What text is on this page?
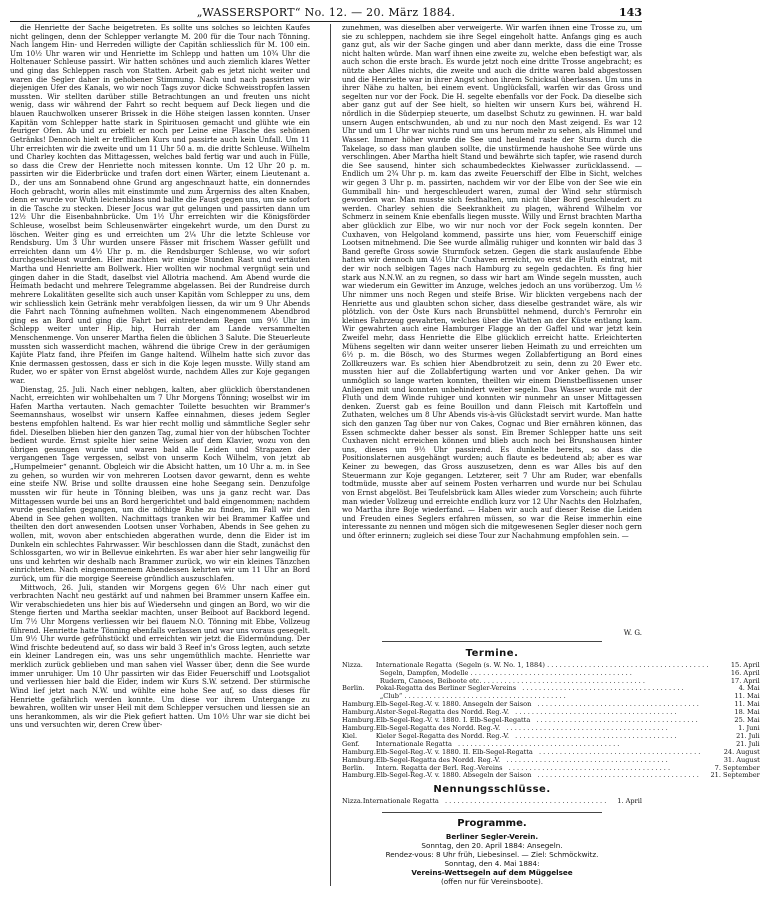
„WASSERSPORT“ No. 12. — 20. März 1884.	143

die Henriette der Sache beigetreten. Es sollte uns solches so leichten Kaufes nicht gelingen, denn der Schlepper verlangte M. 200 für die Tour nach Tönning. Nach langem Hin- und Herreden willigte der Capitän schliesslich für M. 100 ein. Um 10½ Uhr waren wir und Henriette im Schlepp und hatten um 10¾ Uhr die Holtenauer Schleuse passirt. Wir hatten schönes und auch ziemlich klares Wetter und ging das Schleppen rasch von Statten. Arbeit gab es jetzt nicht weiter und waren die Segler daher in gehobener Stimmung. Nach und nach passirten wir diejenigen Ufer des Kanals, wo wir noch Tags zuvor dicke Schweisstropfen lassen mussten. Wir stellten darüber stille Betrachtungen an und freuten uns nicht wenig, dass wir während der Fahrt so recht bequem auf Deck liegen und die blauen Rauchwolken unserer Brissek in die Höhe steigen lassen konnten. Unser Kapitän vom Schlepper hatte stark in Spirituosen gemacht und glühte wie ein feuriger Ofen. Ab und zu erbielt er noch per Leine eine Flasche des sehönen Getränks! Dennoch hielt er trefflichen Kurs und passirte auch kein Unfall. Um 11 Uhr erreichten wir die zweite und um 11 Uhr 50 a. m. die dritte Schleuse. Wilhelm und Charley kochten das Mittagessen, welches bald fertig war und auch in Fülle, so dass die Crew der Henriette noch mitessen konnte. Um 12 Uhr 20 p. m. passirten wir die Eiderbrücke und trafen dort einen Wärter, einem Lieutenant a. D., der uns am Sonnabend ohne Grund arg angeschnauzt hatte, ein donnerndes Hoch gebracht, worin alles mit einstimmte und zum Ärgerniss des alten Knaben, denn er wurde vor Wuth leichenblass und ballte die Faust gegen uns, um sie sofort in die Tasche zu stecken. Dieser Jocus war gut gelungen und passirten dann um 12½ Uhr die Eisenbahnbrücke. Um 1½ Uhr erreichten wir die Königsförder Schleuse, woselbst beim Schleusenwärter eingekehrt wurde, um den Durst zu löschen. Weiter ging es und erreichten um 2¼ Uhr die letzte Schleuse vor Rendsburg. Um 3 Uhr wurden unsere Fässer mit frischem Wasser gefüllt und erreichten dann um 4½ Uhr p. m. die Rendsburger Schleuse, wo wir sofort durchgeschleust wurden. Hier machten wir einige Stunden Rast und vertäuten Martha und Henriette am Bollwerk. Hier wollten wir nochmal vergnügt sein und gingen daher in die Stadt, daselbst viel Allotria machend. Am Abend wurde die Heimath bedacht und mehrere Telegramme abgelassen. Bei der Rundreise durch mehrere Lokalitäten gesellte sich auch unser Kapitän vom Schlepper zu uns, dem wir schliesslich kein Getränk mehr verabfolgen liessen, da wir um 9 Uhr Abends die Fahrt nach Tönning aufnehmen wollten. Nach eingenommenem Abendbrod ging es an Bord und ging die Fahrt bei eintretendem Regen um 9½ Uhr im Schlepp weiter unter Hip, hip, Hurrah der am Lande versammelten Menschenmenge. Von unserer Martha fielen die üblichen 3 Salute. Die Steuerleute mussten sich wasserdicht machen, während die übrige Crew in der geräumigen Kajüte Platz fand, ihre Pfeifen im Gange haltend. Wilhelm hatte sich zuvor das Knie dermassen gestossen, dass er sich in die Koje legen musste. Willy stand am Ruder, wo er später von Ernst abgelöst wurde, nachdem Alles zur Koje gegangen war.

Dienstag, 25. Juli. Nach einer neblıgen, kalten, aber glücklich überstandenen Nacht, erreichten wir wohlbehalten um 7 Uhr Morgens Tönning; woselbst wir im Hafen Martha vertauten. Nach gemachter Toilette besuchten wir Brammer's Seemannshaus, woselbst wir unsern Kaffee einnahmen, dieses jedem Segler bestens empfohlen haltend. Es war hier recht mollig und sämmtliche Segler sehr fidel. Dieselben blieben hier den ganzen Tag, zumal hier von der hübschen Tochter bedient wurde. Ernst spielte hier seine Weisen auf dem Klavier, wozu von den übrigen gesungen wurde und waren bald alle Leiden und Strapazen der vergangenen Tage vergessen, selbst von unserm Koch Wilhelm, von jetzt ab „Humpelmeier“ genannt. Obgleich wir die Absicht hatten, um 10 Uhr a. m. in See zu gehen, so wurden wir von mehreren Lootsen davor gewarnt, denn es wehte eine steife NW. Brise und sollte draussen eine hohe Seegang sein. Denzufolge mussten wir für heute in Tönning bleiben, was uns ja ganz recht war. Das Mittagessen wurde bei uns an Bord hergerichtet und bald eingenommen; nachdem wurde geschlafen gegangen, um die nöthige Ruhe zu finden, im Fall wir den Abend in See gehen wollten. Nachmittags tranken wir bei Brammer Kaffee und theilten den dort anwesenden Lootsen unser Vorhaben, Abends in See gehen zu wollen, mit, wovon aber entschieden abgerathen wurde, denn die Eider ist im Dunkeln ein schlechtes Fahrwasser. Wir beschlossen dann die Stadt, zunächst den Schlossgarten, wo wir in Bellevue einkehrten. Es war aber hier sehr langweilig für uns und kehrten wir deshalb nach Brammer zurück, wo wir ein kleines Tänzchen einrichteten. Nach eingenommenem Abendessen kehrten wir um 11 Uhr an Bord zurück, um für die morgige Seereise gründlich auszuschlafen.

Mittwoch, 26. Juli, standen wir Morgens gegen 6½ Uhr nach einer gut verbrachten Nacht neu gestärkt auf und nahmen bei Brammer unsern Kaffee ein. Wir verabschiedeten uns hier bis auf Wiedersehn und gingen an Bord, wo wir die Stenge fierten und Martha seeklar machten, unser Beiboot auf Backbord legend. Um 7½ Uhr Morgens verliessen wir bei flauem N.O. Tönning mit Ebbe, Vollzeug führend. Henriette hatte Tönning ebenfalls verlassen und war uns voraus gesegelt. Um 9½ Uhr wurde gefrühstückt und erreichten wir jetzt die Eidermündung. Der Wind frischte bedeutend auf, so dass wir bald 3 Reef in's Gross legten, auch setzte ein kleiner Landregen ein, was uns sehr ungemüthlich machte. Henriette war merklich zurück geblieben und man sahen viel Wasser über, denn die See wurde immer unruhiger. Um 10 Uhr passirten wir das Eider Feuerschiff und Lootsgaliot und verliessen hier bald die Eider, indem wir Kurs S.W. setzend. Der stürmische Wind lief jetzt nach N.W. und wühlte eine hohe See auf, so dass dieses für Henriette gefährlich werden konnte. Um diese vor ihrem Untergange zu bewahren, wollten wir unser Heil mit dem Schlepper versuchen und liessen sie an uns herankommen, als wir die Piek gefiert hatten. Um 10½ Uhr war sie dicht bei uns und versuchten wir, deren Crew über-

zunehmen, was dieselben aber verweigerte. Wir warfen ihnen eine Trosse zu, um sie zu schleppen, nachdem sie ihre Segel eingeholt hatte. Anfangs ging es auch ganz gut, als wir der Sache gingen und aber dann merkte, dass die eine Trosse nicht halten würde. Man warf ihnen eine zweite zu, welche eben befestigt war, als auch schon die erste brach. Es wurde jetzt noch eine dritte Trosse angebracht; es nützte aber Alles nichts, die zweite und auch die dritte waren bald abgestossen und die Henriette war in ihrer Angst schon ihrem Schicksal überlassen. Um uns in ihrer Nähe zu halten, bei einem event. Unglücksfall, warfen wir das Gross und segelten nur vor der Fock. Die H. segelte ebenfalls vor der Fock. Da dieselbe sich aber ganz gut auf der See hielt, so hielten wir unsern Kurs bei, während H. nördlich in die Süderpiep steuerte, um daselbst Schutz zu gewinnen. H. war bald unsern Augen entschwunden, ab und zu nur noch den Mast zeigend. Es war 12 Uhr und um 1 Uhr war nichts rund um uns herum mehr zu sehen, als Himmel und Wasser. Immer höher wurde die See und heulend raste der Sturm durch die Takelage, so dass man glauben sollte, die unstürmende haushohe See würde uns verschlingen. Aber Martha hielt Stand und bewährte sich tapfer, wie rasend durch die See sausend, hinter sich schaumbedecktes Kielwasser zurücklassend. — Endlich um 2¾ Uhr p. m. kam das zweite Feuerschiff der Elbe in Sicht, welches wir gegen 3 Uhr p. m. passirten, nachdem wir vor der Elbe von der See wie ein Gummiball hin- und hergeschleudert waren, zumal der Wind sehr stürmisch geworden war. Man musste sich festhalten, um nicht über Bord geschleudert zu werden. Charley sehien die Seekrankheit zu plagen, während Wilhelm vor Schmerz in seinem Knie ebenfalls liegen musste. Willy und Ernst brachten Martha aber glücklich zur Elbe, wo wir nur noch vor der Fock segeln konnten. Der Cuxhaven, von Helgoland kommend, passirte uns hier, vom Feuerschiff einige Lootsen mitnehmend. Die See wurde allmälig ruhiger und konnten wir bald das 3 Band gerefte Gross sowie Sturmfock setzen. Gegen die stark auslaufende Ebbe hatten wir dennoch um 4½ Uhr Cuxhaven erreicht, wo erst die Fluth eintrat, mit der wir noch selbigen Tages nach Hamburg zu segeln gedachten. Es fing hier stark aus N.N.W. an zu regnen, so dass wir hart am Winde segeln mussten, auch war wiederum ein Gewitter im Anzuge, welches jedoch an uns vorüberzog. Um ½ Uhr nimmer uns noch Regen und steife Brise. Wir blickten vergebens nach der Henriette aus und glaubten schon sicher, dass dieselbe gestrandet wäre, als wir plötzlich. von der Oste Kurs nach Brunsbüttel nehmend, durch's Fernrohr ein kleines Fahrzeug gewahrten, welches über die Watten an der Küste entlang kam. Wir gewahrten auch eine Hamburger Flagge an der Gaffel und war jetzt kein Zweifel mehr, dass Henriette die Elbe glücklich erreicht hatte. Erleichterten Mühens segelten wir dann weiter unserer lieben Heimath zu und erreichten um 6½ p. m. die Bösch, wo des Sturmes wegen Zollabfertigung an Bord eines Zollkreuzers war. Es schien hier Abendbrotzeit zu sein, denn zu 20 Ewer etc. mussten hier auf die Zollabfertigung warten und vor Anker gehen. Da wir unmöglich so lange warten konnten, theilten wir einem Dienstbeflissenen unser Anliegen mit und konnten unbehindert weiter segeln. Das Wasser wurde mit der Fluth und dem Winde ruhiger und konnten wir nunmehr an unser Mittagessen denken. Zuerst gab es feine Bouillon und dann Fleisch mit Kartoffeln und Zuthaten, welches um 8 Uhr Abends vis-à-vis Glückstadt servirt wurde. Man hatte sich den ganzen Tag über nur von Cakes, Cognac und Bier ernähren können, das Essen schmeckte daher besser als sonst. Ein Bremer Schlepper hatte uns seit Cuxhaven nicht erreichen können und blieb auch noch bei Brunshausen hinter uns, dieses um 9½ Uhr passirend. Es dunkelte bereits, so dass die Positionslaternen ausgehängt wurden; auch flaute es bedeutend ab; aber es war Keiner zu bewegen, das Gross auszusetzen, denn es war Alles bis auf den Steuermann zur Koje gegangen. Letzterer, seit 7 Uhr am Ruder, war ebenfalls todtmüde, musste aber auf seinem Posten verharren und wurde nur bei Schulau von Ernst abgelöst. Bei Teufelsbrück kam Alles wieder zum Vorschein; auch führte man wieder Vollzeug und erreichte endlich kurz vor 12 Uhr Nachts den Holzhafen, wo Martha ihre Boje wiederfand. — Haben wir auch auf dieser Reise die Leiden und Freuden eines Seglers erfahren müssen, so war die Reise immerhin eine interessante zu nennen und mögen sich die mitgewesenen Segler dieser noch gern und öfter erinnern; zugleich sei diese Tour zur Nachahmung empfohlen sein. —

W. G.
Termine.
Nizza.	Internationale Regatta (Segeln (s. W. No. 1, 1884) . . . . . . . . . . . . . . . . . . . . . . . . . . . . . . . . . . . . . . .	15. April

	Segeln, Dampfen, Modelle . . . . . . . . . . . . . . . . . . . . . . . . . . . . . . . . . . . . . . .	16. April

	Rudern, Canoes, Beiboote etc. . . . . . . . . . . . . . . . . . . . . . . . . . . . . . . . . . . . . . . .	17. April
Berlin.	Pokal-Regatta des Berliner Segler-Vereins . . . . . . . . . . . . . . . . . . . . . . . . . . . . . . . . . . . . . . .	4. Mai

	„Club“ . . . . . . . . . . . . . . . . . . . . . . . . . . . . . . . . . . . . . . .	11. Mai
Hamburg.	Elb-Segel-Reg.-V. v. 1880. Ansegeln der Saison . . . . . . . . . . . . . . . . . . . . . . . . . . . . . . . . . . . . . . .	11. Mai
Hamburg.	Alster-Segel-Regatta des Nordd. Reg.-V. . . . . . . . . . . . . . . . . . . . . . . . . . . . . . . . . . . . . . . .	18. Mai
Hamburg.	Elb-Segel-Reg.-V. v. 1880. I. Elb-Segel-Regatta . . . . . . . . . . . . . . . . . . . . . . . . . . . . . . . . . . . . . . .	25. Mai
Hamburg.	Elb-Segel-Regatta des Nordd. Reg.-V. . . . . . . . . . . . . . . . . . . . . . . . . . . . . . . . . . . . . . . .	1. Juni
Kiel.	Kieler Segel-Regatta des Nordd. Reg.-V. . . . . . . . . . . . . . . . . . . . . . . . . . . . . . . . . . . . . . . .	21. Juli
Genf.	Internationale Regatta . . . . . . . . . . . . . . . . . . . . . . . . . . . . . . . . . . . . . . .	21. Juli
Hamburg.	Elb-Segel-Reg.-V. v. 1880. II. Elb-Segel-Regatta . . . . . . . . . . . . . . . . . . . . . . . . . . . . . . . . . . . . . . .	24. August
Hamburg.	Elb-Segel-Regatta des Nordd. Reg.-V. . . . . . . . . . . . . . . . . . . . . . . . . . . . . . . . . . . . . . . .	31. August
Berlin.	Intern. Regatta der Berl. Reg.-Vereins . . . . . . . . . . . . . . . . . . . . . . . . . . . . . . . . . . . . . . .	7. September
Hamburg.	Elb-Segel-Reg.-V. v. 1880. Absegeln der Saison . . . . . . . . . . . . . . . . . . . . . . . . . . . . . . . . . . . . . . .	21. September
Nennungsschlüsse.
Nizza.	Internationale Regatta . . . . . . . . . . . . . . . . . . . . . . . . . . . . . . . . . . . . . . .	1. April
Programme.
Berliner Segler-Verein.
Sonntag, den 20. April 1884: Ansegeln.
Rendez-vous: 8 Uhr früh, Liebesinsel. — Ziel: Schmöckwitz.
Sonntag, den 4. Mai 1884:
Vereins-Wettsegeln auf dem Müggelsee
(offen nur für Vereinsboote).
